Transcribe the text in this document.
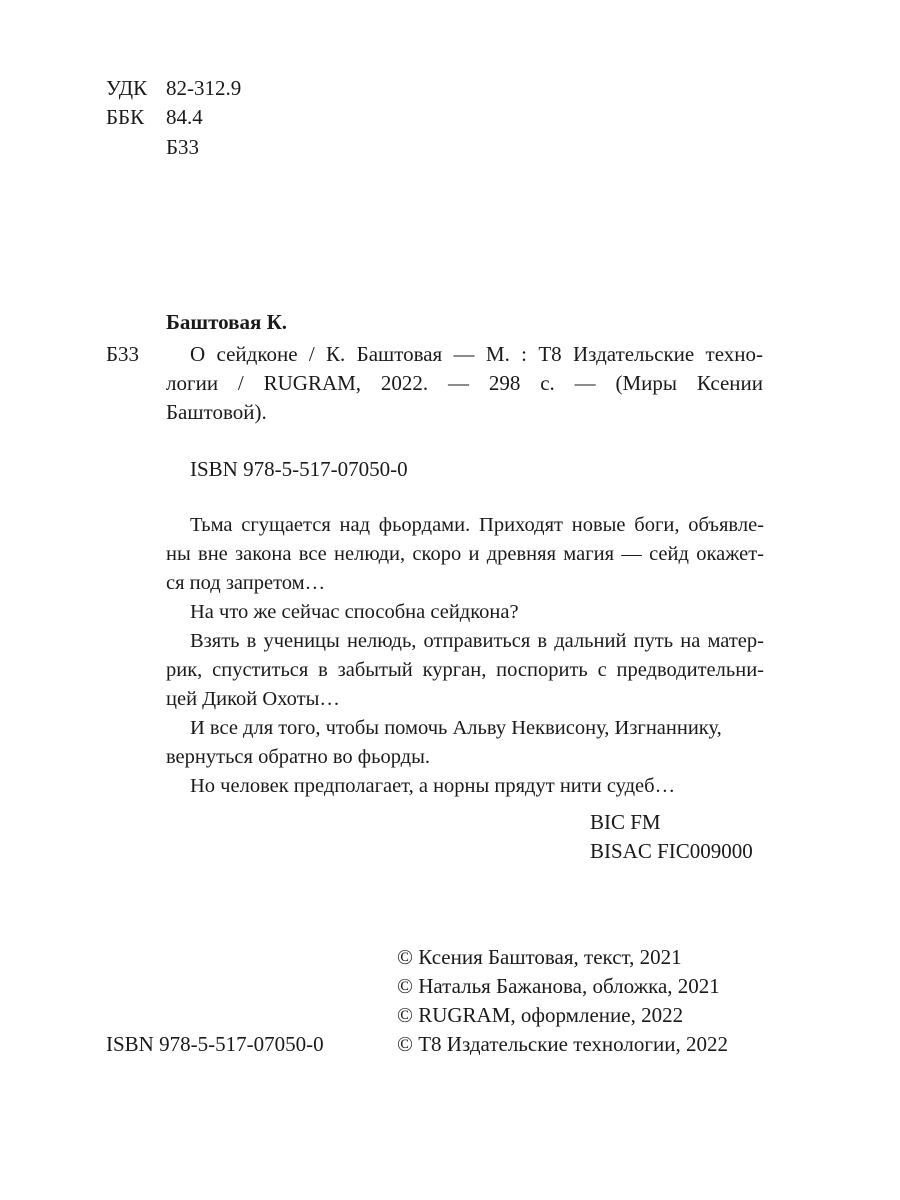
УДК 82-312.9
ББК 84.4
Б33
Баштовая К.
Б33 О сейдконе / К. Баштовая — М. : Т8 Издательские техно-
логии / RUGRAM, 2022. — 298 с. — (Миры Ксении
Баштовой).
ISBN 978-5-517-07050-0

Тьма сгущается над фьордами. Приходят новые боги, объявле-
ны вне закона все нелюди, скоро и древняя магия — сейд окажет-
ся под запретом…

На что же сейчас способна сейдкона?

Взять в ученицы нелюдь, отправиться в дальний путь на матер-
рик, спуститься в забытый курган, поспорить с предводительни-
цей Дикой Охоты…

И все для того, чтобы помочь Альву Неквисону, Изгнаннику,
вернуться обратно во фьорды.

Но человек предполагает, а норны прядут нити судеб…

BIC FM
BISAC FIC009000
© Ксения Баштовая, текст, 2021
© Наталья Бажанова, обложка, 2021
© RUGRAM, оформление, 2022
© Т8 Издательские технологии, 2022
ISBN 978-5-517-07050-0
